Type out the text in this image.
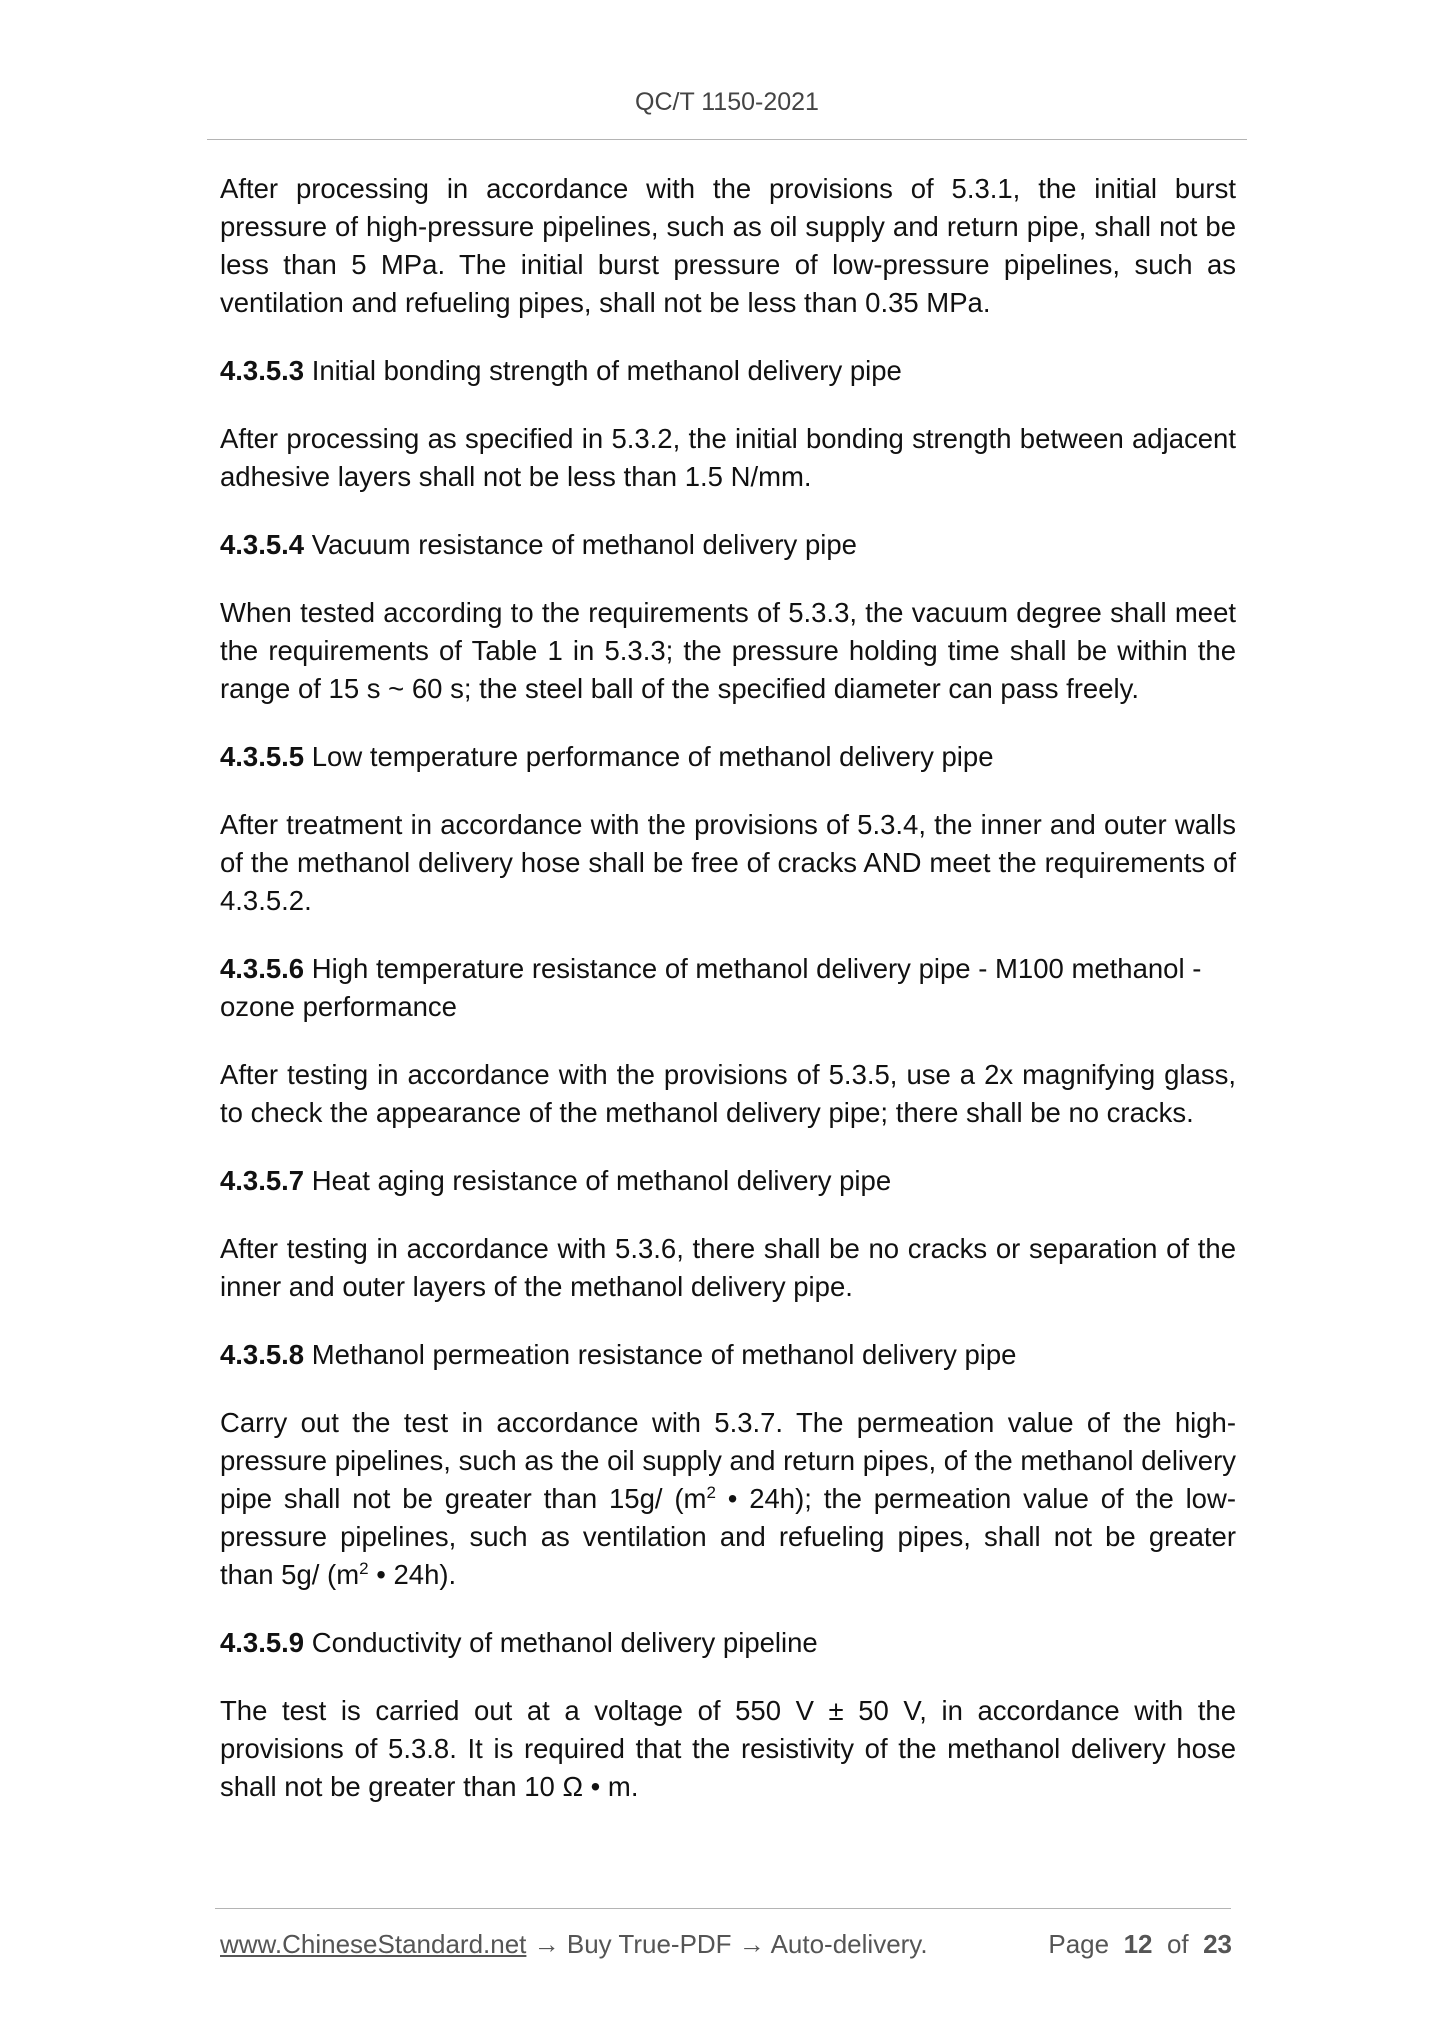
QC/T 1150-2021

After processing in accordance with the provisions of 5.3.1, the initial burst pressure of high-pressure pipelines, such as oil supply and return pipe, shall not be less than 5 MPa. The initial burst pressure of low-pressure pipelines, such as ventilation and refueling pipes, shall not be less than 0.35 MPa.

4.3.5.3 Initial bonding strength of methanol delivery pipe

After processing as specified in 5.3.2, the initial bonding strength between adjacent adhesive layers shall not be less than 1.5 N/mm.

4.3.5.4 Vacuum resistance of methanol delivery pipe

When tested according to the requirements of 5.3.3, the vacuum degree shall meet the requirements of Table 1 in 5.3.3; the pressure holding time shall be within the range of 15 s ~ 60 s; the steel ball of the specified diameter can pass freely.

4.3.5.5 Low temperature performance of methanol delivery pipe

After treatment in accordance with the provisions of 5.3.4, the inner and outer walls of the methanol delivery hose shall be free of cracks AND meet the requirements of 4.3.5.2.

4.3.5.6 High temperature resistance of methanol delivery pipe - M100 methanol - ozone performance

After testing in accordance with the provisions of 5.3.5, use a 2x magnifying glass, to check the appearance of the methanol delivery pipe; there shall be no cracks.

4.3.5.7 Heat aging resistance of methanol delivery pipe

After testing in accordance with 5.3.6, there shall be no cracks or separation of the inner and outer layers of the methanol delivery pipe.

4.3.5.8 Methanol permeation resistance of methanol delivery pipe

Carry out the test in accordance with 5.3.7. The permeation value of the high-pressure pipelines, such as the oil supply and return pipes, of the methanol delivery pipe shall not be greater than 15g/ ($m^2$ • 24h); the permeation value of the low-pressure pipelines, such as ventilation and refueling pipes, shall not be greater than 5g/ ($m^2$ • 24h).

4.3.5.9 Conductivity of methanol delivery pipeline

The test is carried out at a voltage of 550 V ± 50 V, in accordance with the provisions of 5.3.8. It is required that the resistivity of the methanol delivery hose shall not be greater than 10 Ω • m.

www.ChineseStandard.net → Buy True-PDF → Auto-delivery.	Page 12 of 23
